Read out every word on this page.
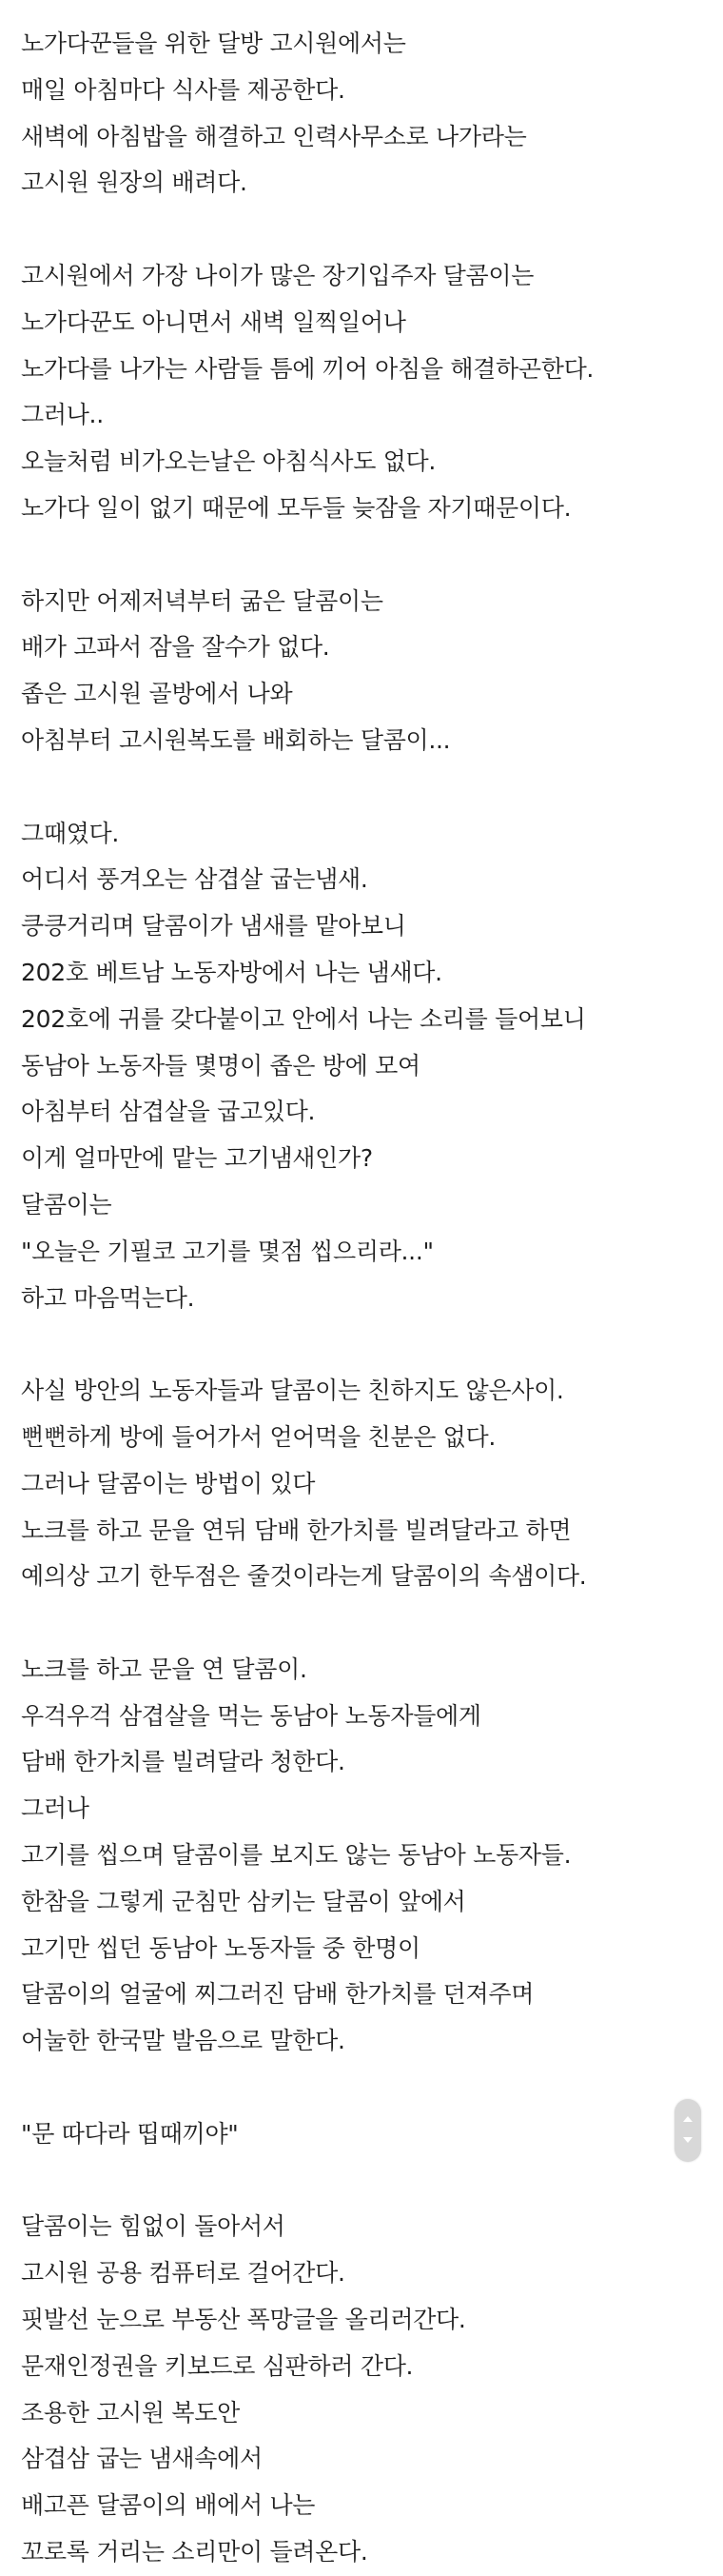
노가다꾼들을 위한 달방 고시원에서는
매일 아침마다 식사를 제공한다.
새벽에 아침밥을 해결하고 인력사무소로 나가라는
고시원 원장의 배려다.
고시원에서 가장 나이가 많은 장기입주자 달콤이는
노가다꾼도 아니면서 새벽 일찍일어나
노가다를 나가는 사람들 틈에 끼어 아침을 해결하곤한다.
그러나..
오늘처럼 비가오는날은 아침식사도 없다.
노가다 일이 없기 때문에 모두들 늦잠을 자기때문이다.
하지만 어제저녁부터 굶은 달콤이는
배가 고파서 잠을 잘수가 없다.
좁은 고시원 골방에서 나와
아침부터 고시원복도를 배회하는 달콤이...
그때였다.
어디서 풍겨오는 삼겹살 굽는냄새.
킁킁거리며 달콤이가 냄새를 맡아보니
202호 베트남 노동자방에서 나는 냄새다.
202호에 귀를 갖다붙이고 안에서 나는 소리를 들어보니
동남아 노동자들 몇명이 좁은 방에 모여
아침부터 삼겹살을 굽고있다.
이게 얼마만에 맡는 고기냄새인가?
달콤이는
"오늘은 기필코 고기를 몇점 씹으리라..."
하고 마음먹는다.
사실 방안의 노동자들과 달콤이는 친하지도 않은사이.
뻔뻔하게 방에 들어가서 얻어먹을 친분은 없다.
그러나 달콤이는 방법이 있다
노크를 하고 문을 연뒤 담배 한가치를 빌려달라고 하면
예의상 고기 한두점은 줄것이라는게 달콤이의 속샘이다.
노크를 하고 문을 연 달콤이.
우걱우걱 삼겹살을 먹는 동남아 노동자들에게
담배 한가치를 빌려달라 청한다.
그러나
고기를 씹으며 달콤이를 보지도 않는 동남아 노동자들.
한참을 그렇게 군침만 삼키는 달콤이 앞에서
고기만 씹던 동남아 노동자들 중 한명이
달콤이의 얼굴에 찌그러진 담배 한가치를 던져주며
어눌한 한국말 발음으로 말한다.
"문 따다라 띱때끼야"
달콤이는 힘없이 돌아서서
고시원 공용 컴퓨터로 걸어간다.
핏발선 눈으로 부동산 폭망글을 올리러간다.
문재인정권을 키보드로 심판하러 간다.
조용한 고시원 복도안
삼겹삼 굽는 냄새속에서
배고픈 달콤이의 배에서 나는
꼬로록 거리는 소리만이 들려온다.
